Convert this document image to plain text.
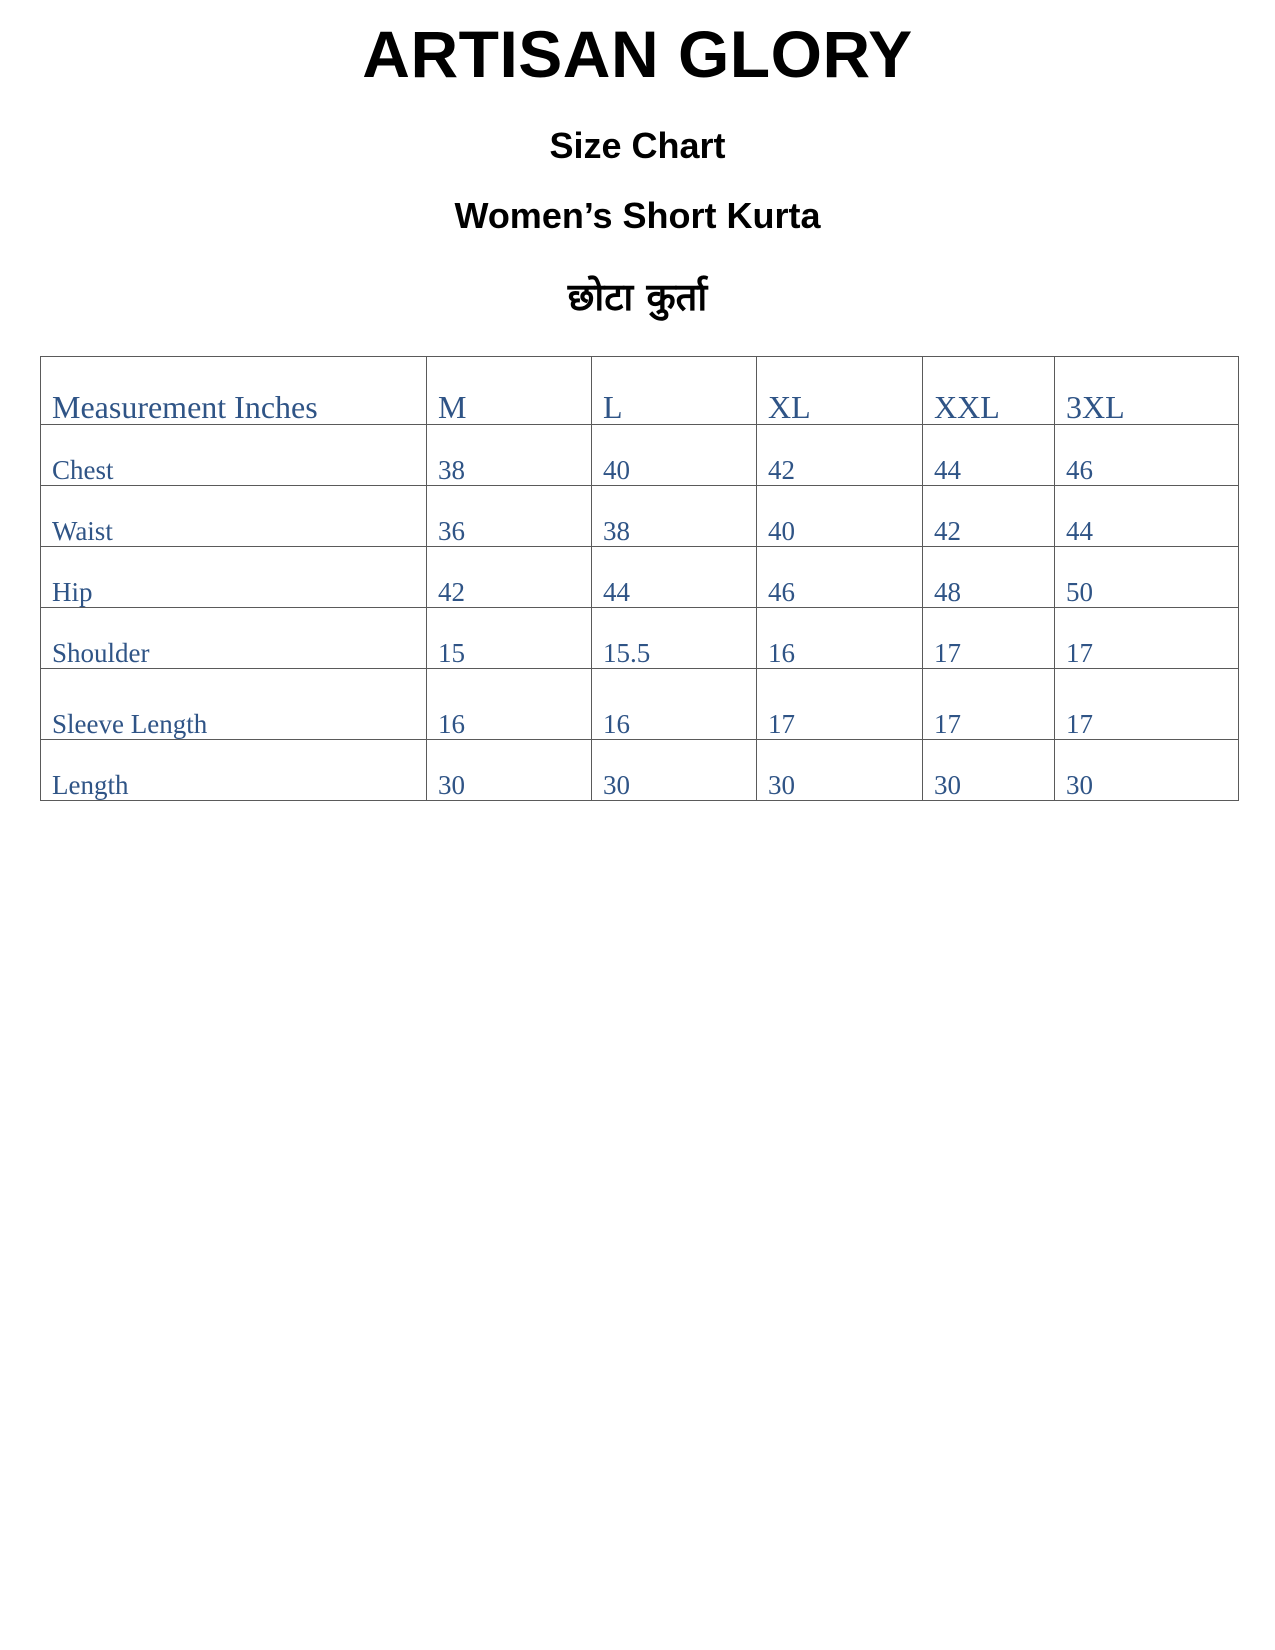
ARTISAN GLORY
Size Chart
Women’s Short Kurta
छोटा कुर्ता
Measurement Inches	M	L	XL	XXL	3XL
Chest	38	40	42	44	46
Waist	36	38	40	42	44
Hip	42	44	46	48	50
Shoulder	15	15.5	16	17	17
Sleeve Length	16	16	17	17	17
Length	30	30	30	30	30
